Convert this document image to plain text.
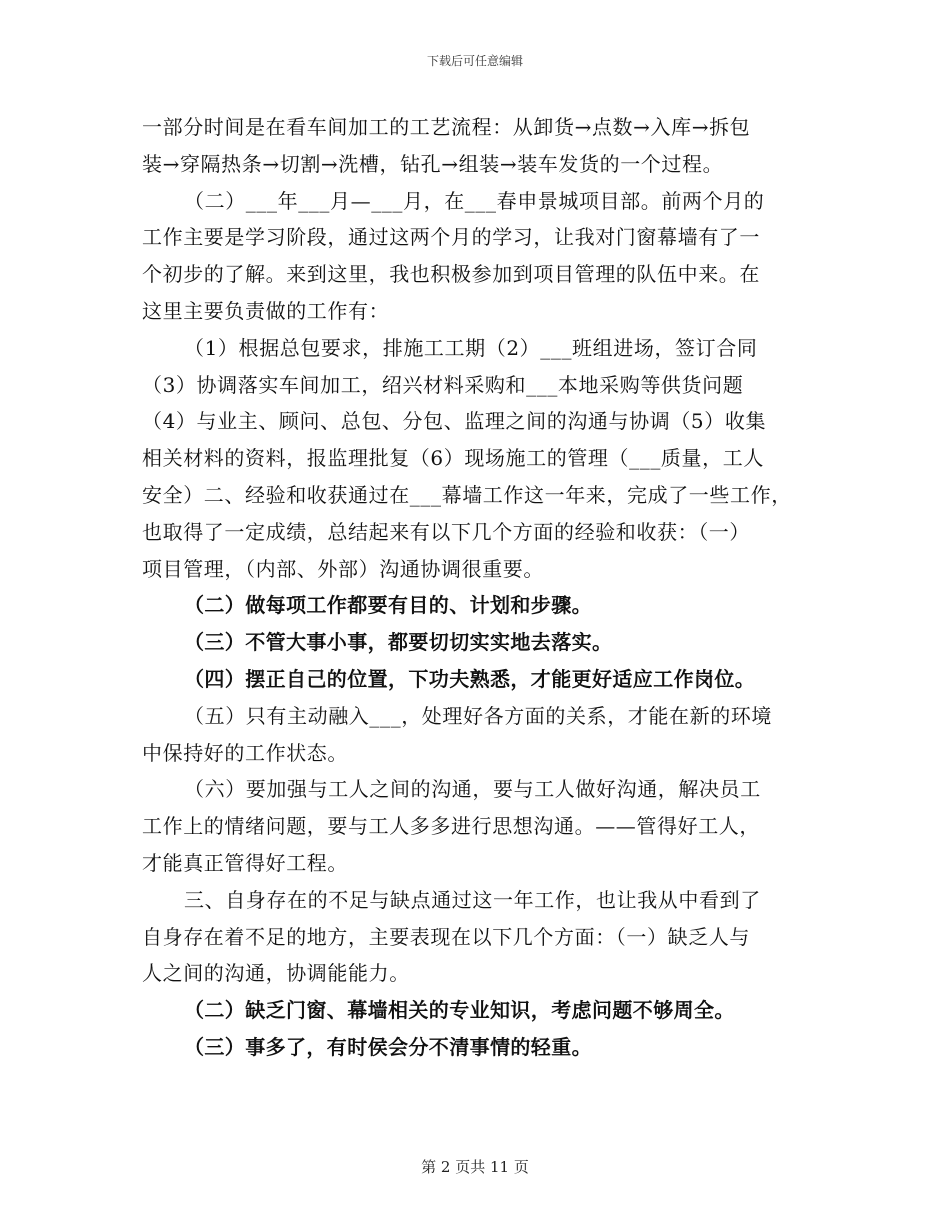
下载后可任意编辑

一部分时间是在看车间加工的工艺流程：从卸货→点数→入库→拆包
装→穿隔热条→切割→洗槽，钻孔→组装→装车发货的一个过程。

（二）___年___月—___月，在___春申景城项目部。前两个月的
工作主要是学习阶段，通过这两个月的学习，让我对门窗幕墙有了一
个初步的了解。来到这里，我也积极参加到项目管理的队伍中来。在
这里主要负责做的工作有：

（1）根据总包要求，排施工工期（2）___班组进场，签订合同
（3）协调落实车间加工，绍兴材料采购和___本地采购等供货问题
（4）与业主、顾问、总包、分包、监理之间的沟通与协调（5）收集
相关材料的资料，报监理批复（6）现场施工的管理（___质量，工人
安全）二、经验和收获通过在___幕墙工作这一年来，完成了一些工作，
也取得了一定成绩，总结起来有以下几个方面的经验和收获：（一）
项目管理，（内部、外部）沟通协调很重要。

（二）做每项工作都要有目的、计划和步骤。

（三）不管大事小事，都要切切实实地去落实。

（四）摆正自己的位置，下功夫熟悉，才能更好适应工作岗位。

（五）只有主动融入___，处理好各方面的关系，才能在新的环境
中保持好的工作状态。

（六）要加强与工人之间的沟通，要与工人做好沟通，解决员工
工作上的情绪问题，要与工人多多进行思想沟通。——管得好工人，
才能真正管得好工程。

三、自身存在的不足与缺点通过这一年工作，也让我从中看到了
自身存在着不足的地方，主要表现在以下几个方面：（一）缺乏人与
人之间的沟通，协调能能力。

（二）缺乏门窗、幕墙相关的专业知识，考虑问题不够周全。

（三）事多了，有时侯会分不清事情的轻重。

第 2 页共 11 页
